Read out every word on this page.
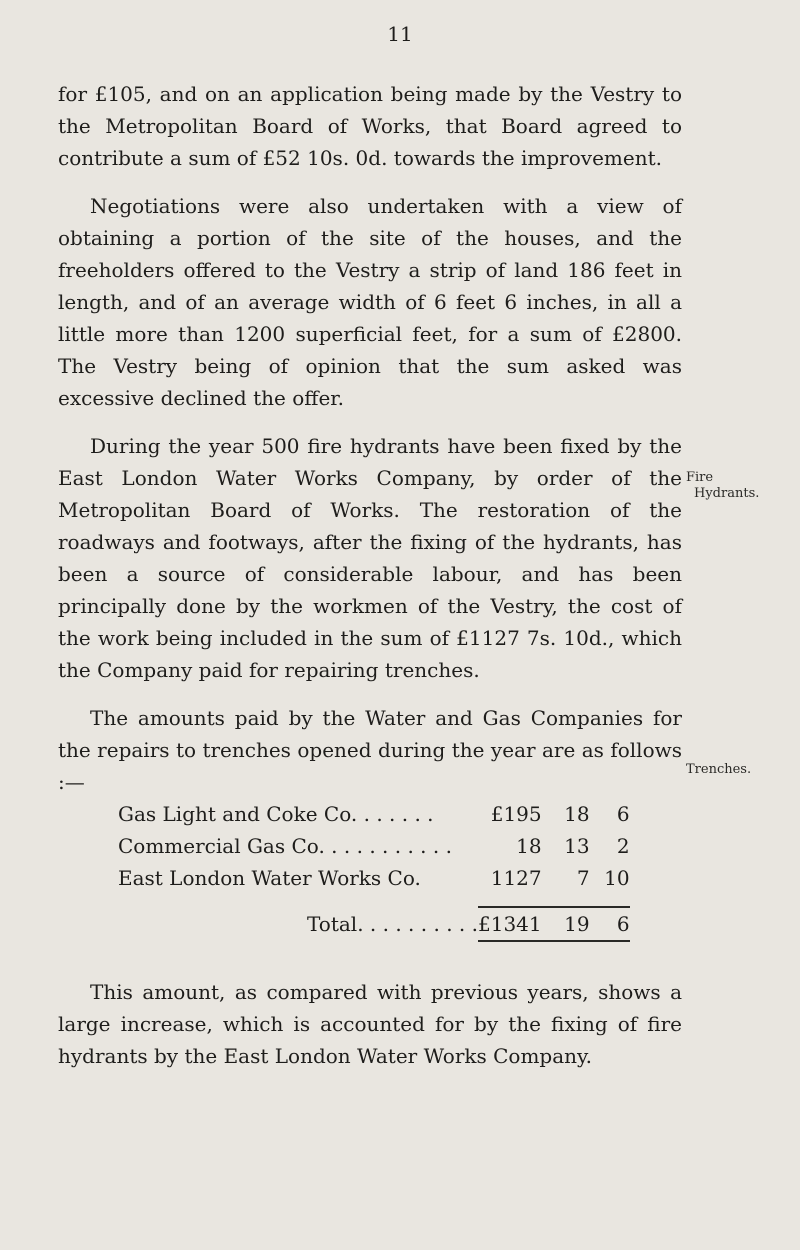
11

for £105, and on an application being made by the Vestry to the Metropolitan Board of Works, that Board agreed to contribute a sum of £52 10s. 0d. towards the improvement.

Negotiations were also undertaken with a view of obtaining a portion of the site of the houses, and the freeholders offered to the Vestry a strip of land 186 feet in length, and of an average width of 6 feet 6 inches, in all a little more than 1200 superficial feet, for a sum of £2800. The Vestry being of opinion that the sum asked was excessive declined the offer.

During the year 500 fire hydrants have been fixed by the East London Water Works Company, by order of the Metropolitan Board of Works. The restoration of the roadways and footways, after the fixing of the hydrants, has been a source of considerable labour, and has been principally done by the workmen of the Vestry, the cost of the work being included in the sum of £1127 7s. 10d., which the Company paid for repairing trenches.

The amounts paid by the Water and Gas Companies for the repairs to trenches opened during the year are as follows :—

Gas Light and Coke Co. . . . . . .	£195	18	6
Commercial Gas Co. . . . . . . . . . .	18	13	2
East London Water Works Co.	1127	7	10

Total. . . . . . . . . .	£1341	19	6

This amount, as compared with previous years, shows a large increase, which is accounted for by the fixing of fire hydrants by the East London Water Works Company.

Fire
Hydrants.
Trenches.
